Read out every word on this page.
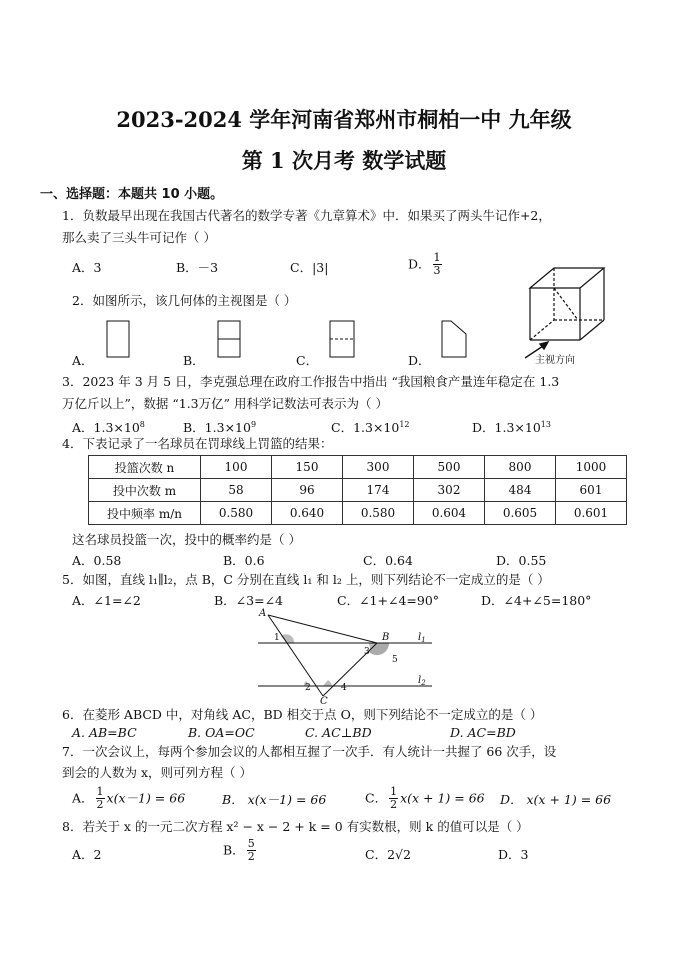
2023-2024 学年河南省郑州市桐柏一中 九年级
第 1 次月考 数学试题
一、选择题：本题共 10 小题。
1．负数最早出现在我国古代著名的数学专著《九章算术》中．如果买了两头牛记作+2，
那么卖了三头牛可记作（ ）
A．3	B．－3	C．|3|	D． $\frac{1}{3}$
2．如图所示，该几何体的主视图是（ ）
主视方向
A．	B．	C．	D．
3．2023 年 3 月 5 日，李克强总理在政府工作报告中指出 “我国粮食产量连年稳定在 1.3
万亿斤以上”，数据 “1.3万亿” 用科学记数法可表示为（ ）
A．$1.3\times 10^8$	B．$1.3\times 10^9$	C．$1.3\times 10^{12}$	D．$1.3\times 10^{13}$
4．下表记录了一名球员在罚球线上罚篮的结果：
投篮次数 n	100	150	300	500	800	1000
投中次数 m	58	96	174	302	484	601
投中频率 m/n	0.580	0.640	0.580	0.604	0.605	0.601
这名球员投篮一次，投中的概率约是（ ）
A．0.58	B．0.6	C．0.64	D．0.55
5．如图，直线 l₁∥l₂，点 B，C 分别在直线 l₁ 和 l₂ 上，则下列结论不一定成立的是（ ）
A．∠1=∠2	B．∠3=∠4	C．∠1+∠4=90°	D．∠4+∠5=180°
A
B
C
$l_1$
$l_2$
1
2
3
4
5
6．在菱形 ABCD 中，对角线 AC，BD 相交于点 O，则下列结论不一定成立的是（ ）
A. AB=BC	B. OA=OC	C. AC⊥BD	D. AC=BD
7．一次会议上，每两个参加会议的人都相互握了一次手．有人统计一共握了 66 次手，设
到会的人数为 x，则可列方程（ ）
A． $\frac{1}{2} x(x-1) = 66$	B． x(x－1) = 66	C． $\frac{1}{2} x(x + 1) = 66$ D． x(x + 1) = 66
8．若关于 x 的一元二次方程 x² − x − 2 + k = 0 有实数根，则 k 的值可以是（ ）
A．2	B． $\frac{5}{2}$	C．2√2	D．3
